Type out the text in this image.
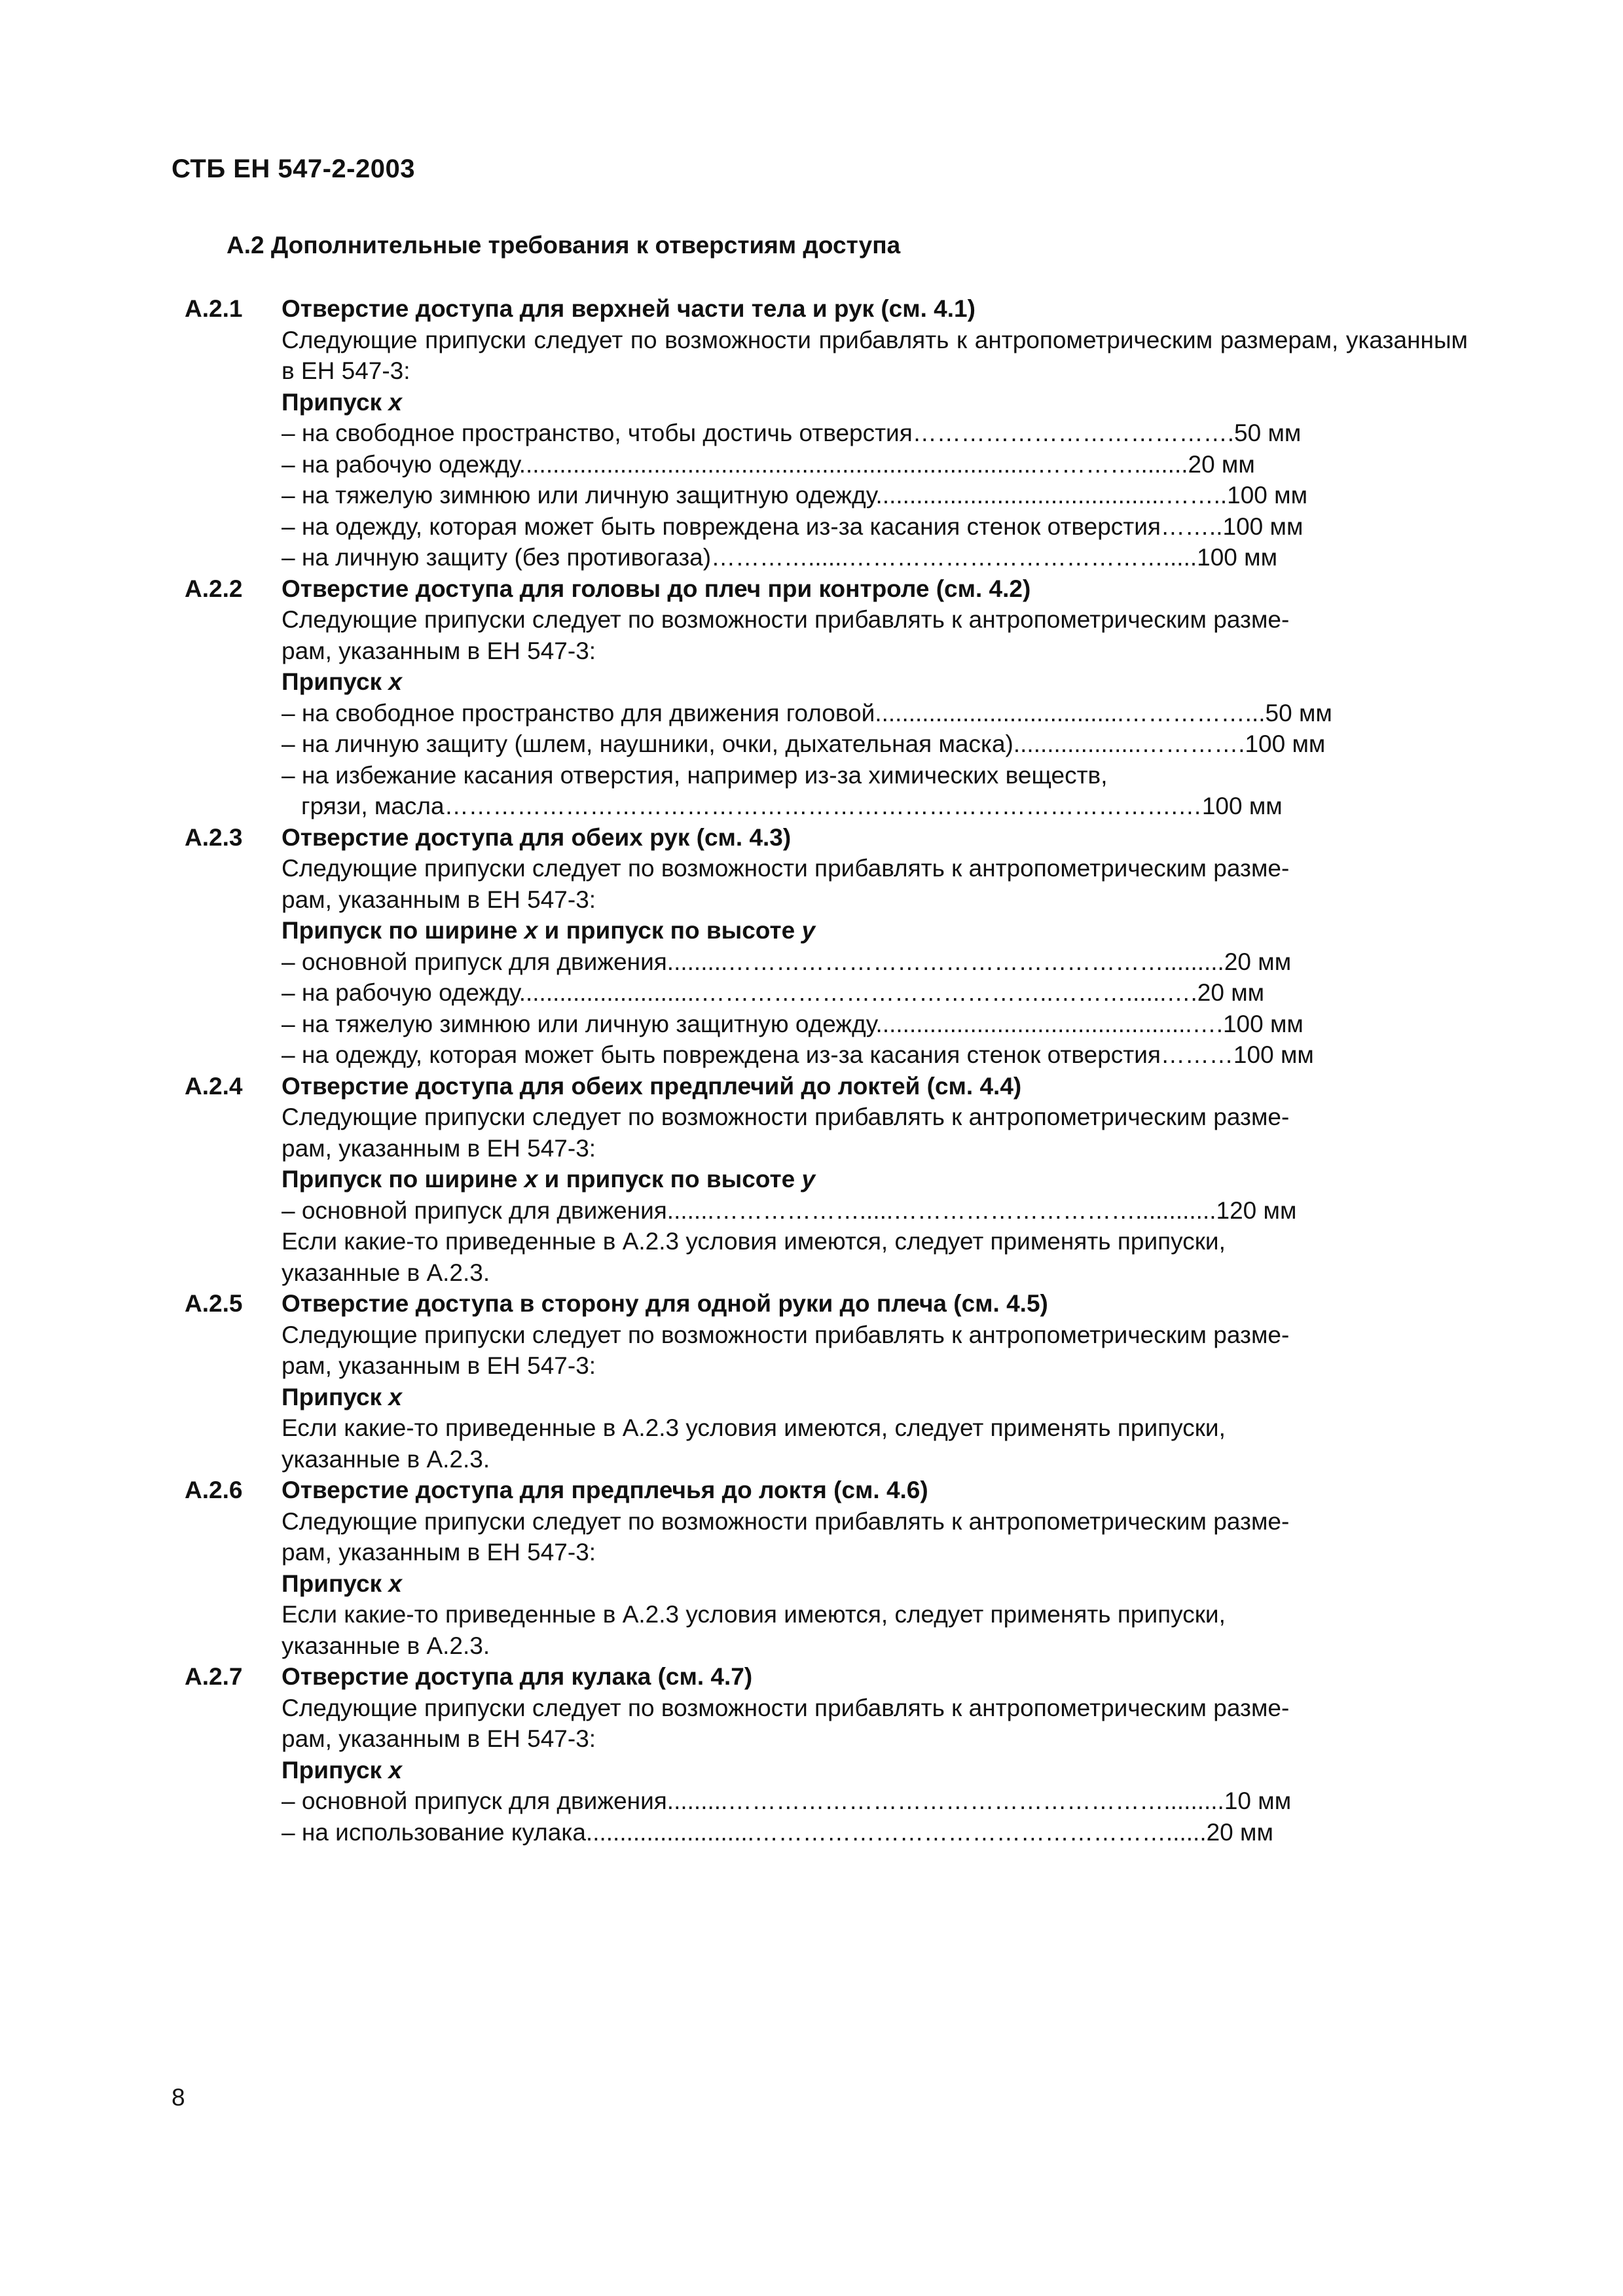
СТБ ЕН 547-2-2003
А.2 Дополнительные требования к отверстиям доступа
А.2.1	Отверстие доступа для верхней части тела и рук (см. 4.1)
Следующие припуски следует по возможности прибавлять к антропометрическим размерам, указанным в ЕН 547-3:
Припуск х
– на свободное пространство, чтобы достичь отверстия………………………………….50 мм
– на рабочую одежду.............................................................................…………........20 мм
– на тяжелую зимнюю или личную защитную одежду...........................................……..100 мм
– на одежду, которая может быть повреждена из-за касания стенок отверстия……..100 мм
– на личную защиту (без противогаза)…………......………………………………….....100 мм
А.2.2	Отверстие доступа для головы до плеч при контроле (см. 4.2)
Следующие припуски следует по возможности прибавлять к антропометрическим разме-
рам, указанным в ЕН 547-3:
Припуск х
– на свободное пространство для движения головой.....................................……………...50 мм
– на личную защиту (шлем, наушники, очки, дыхательная маска)...................………….100 мм
– на избежание касания отверстия, например из-за химических веществ,
грязи, масла……………………………………………………………………………….…100 мм
А.2.3	Отверстие доступа для обеих рук (см. 4.3)
Следующие припуски следует по возможности прибавлять к антропометрическим разме-
рам, указанным в ЕН 547-3:
Припуск по ширине х и припуск по высоте у
– основной припуск для движения.........……………………………………………….........20 мм
– на рабочую одежду...........................……………………………………..………......….20 мм
– на тяжелую зимнюю или личную защитную одежду...............................................….100 мм
– на одежду, которая может быть повреждена из-за касания стенок отверстия………100 мм
А.2.4	Отверстие доступа для обеих предплечий до локтей (см. 4.4)
Следующие припуски следует по возможности прибавлять к антропометрическим разме-
рам, указанным в ЕН 547-3:
Припуск по ширине х и припуск по высоте у
– основной припуск для движения.......……………….....…………………………............120 мм
Если какие-то приведенные в А.2.3 условия имеются, следует применять припуски,
указанные в А.2.3.
А.2.5	Отверстие доступа в сторону для одной руки до плеча (см. 4.5)
Следующие припуски следует по возможности прибавлять к антропометрическим разме-
рам, указанным в ЕН 547-3:
Припуск х
Если какие-то приведенные в А.2.3 условия имеются, следует применять припуски,
указанные в А.2.3.
А.2.6	Отверстие доступа для предплечья до локтя (см. 4.6)
Следующие припуски следует по возможности прибавлять к антропометрическим разме-
рам, указанным в ЕН 547-3:
Припуск х
Если какие-то приведенные в А.2.3 условия имеются, следует применять припуски,
указанные в А.2.3.
А.2.7	Отверстие доступа для кулака (см. 4.7)
Следующие припуски следует по возможности прибавлять к антропометрическим разме-
рам, указанным в ЕН 547-3:
Припуск х
– основной припуск для движения.........……………………………………………….........10 мм
– на использование кулака.........................……………………………………………......20 мм
8
